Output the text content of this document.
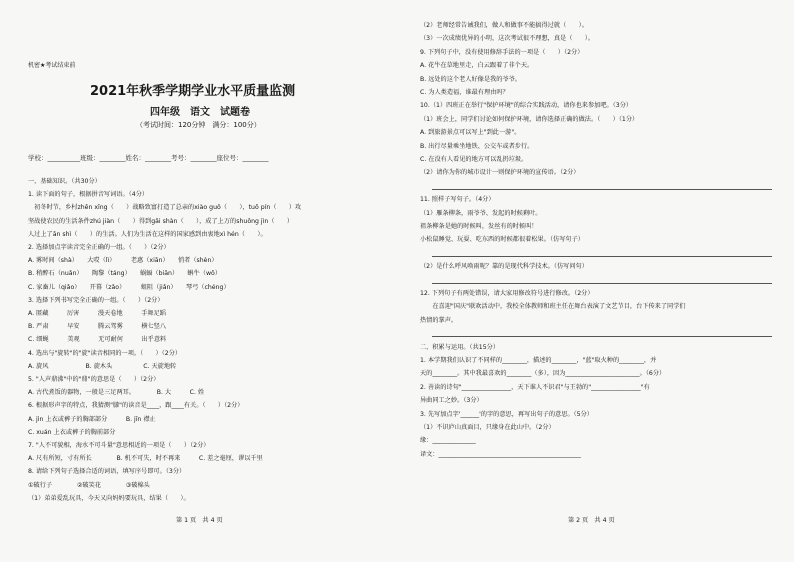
机密★考试结束前
2021年秋季学期学业水平质量监测
四年级　语文　试题卷
（考试时间：120分钟　满分：100分）
学校：__________班级：________姓名：________考号：________座位号：________
一、基础知识。（共30分）
1. 读下面的句子，根据拼音写词语。（4分）
　初冬时节，乡村zhēn xīng（　　）战略致富打造了总亲的xiào guǒ（　　），tuō pín（　　）攻
坚战使农民的生活条件zhú jiàn（　　）得到gǎi shàn（　　），成了上万的shuǒng jìn（　　）
人过上了ān shì（　　）的生活。人们为生活在这样的国家感到由衷地xì hén（　　）。
2. 选择加点字读音完全正确的一组。（　　）（2分）
A. 雾时间（shà）　　大哎（lì）　　　老惠（xiān）　　悄者（shèn）
B. 稍醉石（nuǎn）　　陶黎（táng）　　蜗蝠（biān）　　蝌牛（wō）
C. 家畜儿（qiǎo）　　开幕（zǎo）　　　蛆阻（jiǎn）　　琴弓（chéng）
3. 选择下列书写完全正确的一组。（　　）（2分）
A. 匿藏　　　厉害　　　漫天卷地　　　手舞足蹈
B. 严肃　　　早安　　　腾云驾雾　　　横七竖八
C. 细蝇　　　美观　　　无可耐何　　　出乎意料
4. 选出与"旋转"的"旋"读音相同的一项。（　　）（2分）
A. 旋风　　　　　　B. 旋木头　　　　　C. 天旋地转
5. "人声鼎沸"中的"鼎"的意思是（　　）（2分）
A. 古代煮饭的器物，一般是三足两耳。　　　　B. 大　　　C. 姓
6. 根据形声字的特点，我猜测"膝"的读音是____，跟____有关。（　　）（2分）
A. jìn 上衣或裤子的胸部部分　　　B. jīn 襟止
C. xuán 上衣或裤子的胸前部分
7. "人不可貌相，海水不可斗量"意思相近的一项是（　　）（2分）
A. 尺有所短，寸有所长　　　　B. 机不可失，时不再来　　　C. 差之毫厘，谬以千里
8. 请给下列句子选择合适的词语，填写序号即可。（3分）
①破行子　　　　②破笑花　　　　③破棉头
（1）弟弟爱乱玩具，今天又向妈妈要玩具，结果（　　）。
第 1 页　共 4 页
（2）老师经常告诫我们，做人和做事不能搞得过就（　　）。
（3）一次成绩优异的小明，这次考试很不理想，真是（　　）。
9. 下列句子中，没有使用修辞手法的一项是（　　）（2分）
A. 花牛在草地里走，白云跟着了非个天。
B. 远处的这个老人好像是我的爷爷。
C. 为人类造福，谁最有理由吗？
10.（1）四班正在举行"保护环境"的综合实践活动，请你也来参加吧。（3分）
（1）班会上，同学们讨论如何保护环境，请你选择正确的做法。（　　）（1分）
A. 到旅游景点可以写上"到此一游"。
B. 出行尽量乘坐地铁、公交车或者步行。
C. 在没有人看见的地方可以乱扔垃圾。
（2）请你为你的城市设计一则保护环境的宣传语。（2分）
11. 照样子写句子。（4分）
（1）雁条柳条，雨爷爷、发起的时候剩叶。
祖条柳条是她的时候叫，发丝有的时候叫！
小松鼠睡觉、玩耍、吃东西的时候都很着松果。（仿写句子）
（2）是什么呼风唤雨呢？靠的是现代科学技术。（仿写问句）
12. 下列句子有两处错误，请大家用修改符号进行修改。（2分）
　　在喜迎"国庆"联欢活动中，我校全体教师和班主任在舞台表演了文艺节目，台下传来了同学们
热情的掌声。
二、积累与运用。（共15分）
1. 本学期我们认识了不同样的________，描述的________，"蓝"取火种的________，并
天的________。其中我最喜欢的________（多），因为________________________。（6分）
2. 善读的诗句"________________，天下谁人不识君"与王勃的"________________"有
异曲同工之妙。（3分）
3. 先写加点字'______'的字的意思，再写出句子的意思。（5分）
（1）不识庐山真面目，只缘身在此山中。（2分）
缘：______________
译文：______________________________________________
第 2 页　共 4 页
